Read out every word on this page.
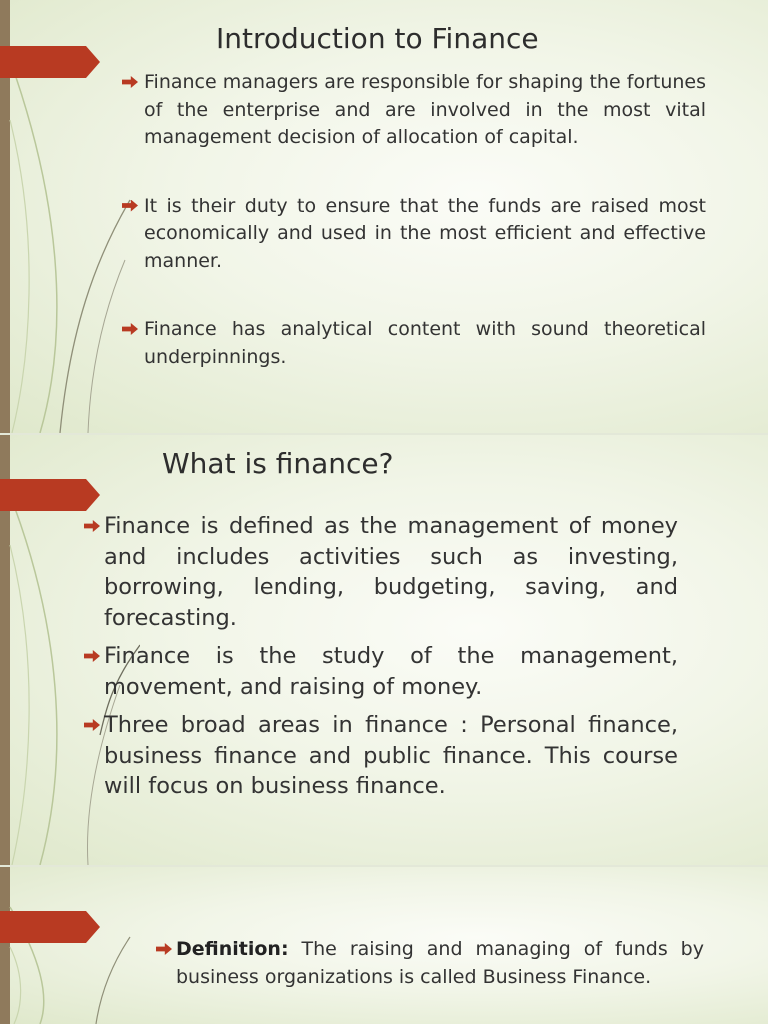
Introduction to Finance
Finance managers are responsible for shaping the fortunes of the enterprise and are involved in the most vital management decision of allocation of capital.
It is their duty to ensure that the funds are raised most economically and used in the most efficient and effective manner.
Finance has analytical content with sound theoretical underpinnings.
What is finance?
Finance is defined as the management of money and includes activities such as investing, borrowing, lending, budgeting, saving, and forecasting.
Finance is the study of the management, movement, and raising of money.
Three broad areas in finance : Personal finance, business finance and public finance. This course will focus on business finance.
Definition: The raising and managing of funds by business organizations is called Business Finance.
